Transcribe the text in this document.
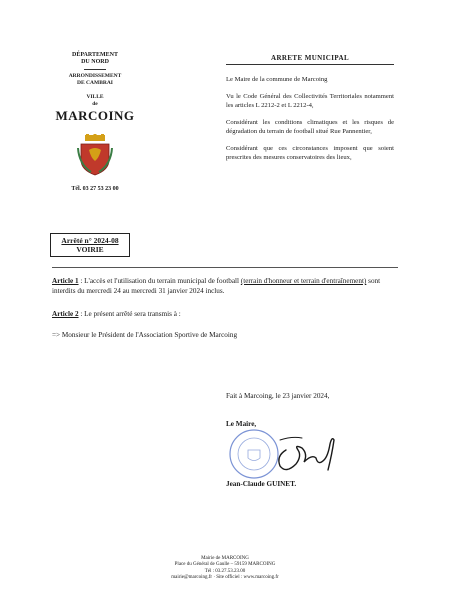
DÉPARTEMENT
DU NORD
ARRONDISSEMENT
DE CAMBRAI
VILLE
de
MARCOING
Tél. 03 27 53 23 00
ARRETE MUNICIPAL

Le Maire de la commune de Marcoing

Vu le Code Général des Collectivités Territoriales notamment les articles L 2212-2 et L 2212-4,

Considérant les conditions climatiques et les risques de dégradation du terrain de football situé Rue Pannentier,

Considérant que ces circonstances imposent que soient prescrites des mesures conservatoires des lieux,

Arrêté n° 2024-08
VOIRIE
Article 1 : L'accès et l'utilisation du terrain municipal de football (terrain d'honneur et terrain d'entraînement) sont interdits du mercredi 24 au mercredi 31 janvier 2024 inclus.
Article 2 : Le présent arrêté sera transmis à :
=> Monsieur le Président de l'Association Sportive de Marcoing
Fait à Marcoing, le 23 janvier 2024,
Le Maire,
Jean-Claude GUINET.
Mairie de MARCOING
Place du Général de Gaulle – 59159 MARCOING
Tél : 03.27.53.23.00
mairie@marcoing.fr · Site officiel : www.marcoing.fr
